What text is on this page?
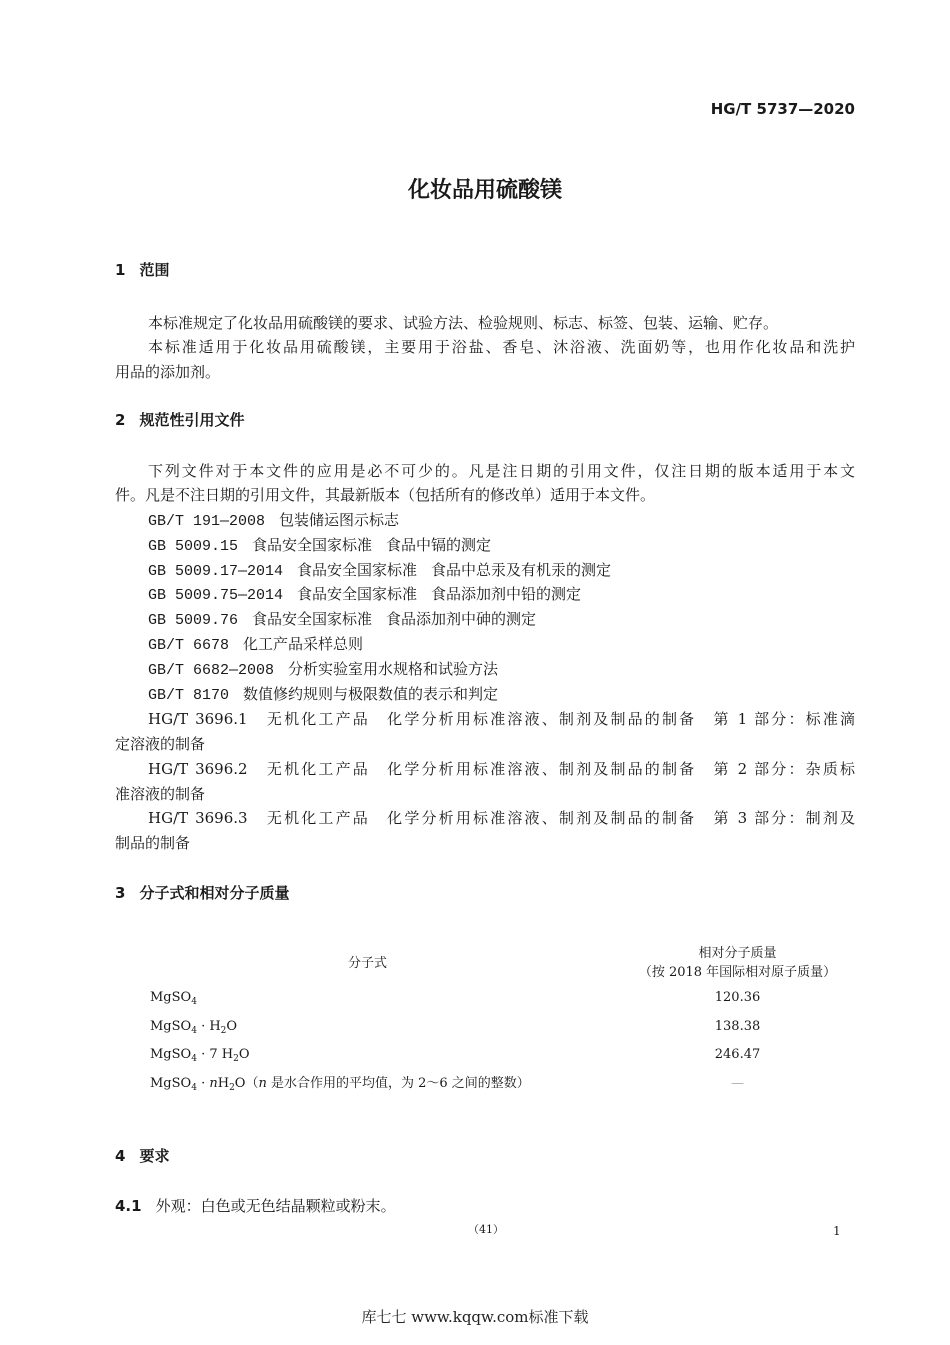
HG/T 5737—2020
化妆品用硫酸镁
1 范围
本标准规定了化妆品用硫酸镁的要求、试验方法、检验规则、标志、标签、包装、运输、贮存。
本标准适用于化妆品用硫酸镁，主要用于浴盐、香皂、沐浴液、洗面奶等，也用作化妆品和洗护
用品的添加剂。
2 规范性引用文件
下列文件对于本文件的应用是必不可少的。凡是注日期的引用文件，仅注日期的版本适用于本文
件。凡是不注日期的引用文件，其最新版本（包括所有的修改单）适用于本文件。
GB/T 191—2008 包装储运图示标志
GB 5009.15 食品安全国家标准 食品中镉的测定
GB 5009.17—2014 食品安全国家标准 食品中总汞及有机汞的测定
GB 5009.75—2014 食品安全国家标准 食品添加剂中铅的测定
GB 5009.76 食品安全国家标准 食品添加剂中砷的测定
GB/T 6678 化工产品采样总则
GB/T 6682—2008 分析实验室用水规格和试验方法
GB/T 8170 数值修约规则与极限数值的表示和判定
HG/T 3696.1　无机化工产品　化学分析用标准溶液、制剂及制品的制备　第 1 部分：标准滴
定溶液的制备
HG/T 3696.2　无机化工产品　化学分析用标准溶液、制剂及制品的制备　第 2 部分：杂质标
准溶液的制备
HG/T 3696.3　无机化工产品　化学分析用标准溶液、制剂及制品的制备　第 3 部分：制剂及
制品的制备
3 分子式和相对分子质量
分子式
相对分子质量
（按 2018 年国际相对原子质量）
MgSO$_4$	120.36
MgSO$_4$ · $H_2O$	138.38
MgSO$_4$ · 7 $H_2O$	246.47
MgSO$_4$ · $nH_2O(n$ 是水合作用的平均值，为 2～6 之间的整数）	—
4 要求
4.1 外观：白色或无色结晶颗粒或粉末。
（41）	1
库七七 www.kqqw.com标准下载
